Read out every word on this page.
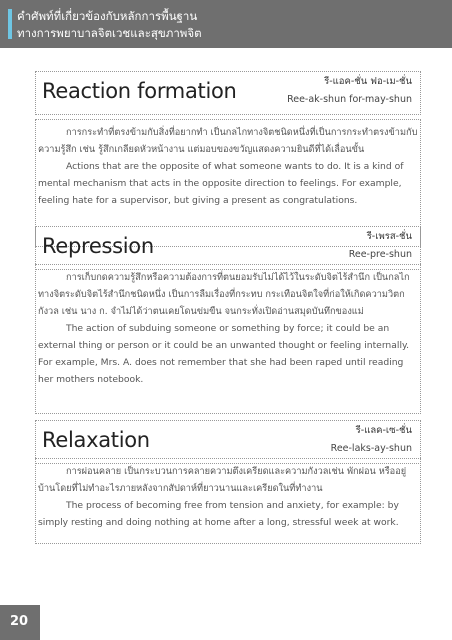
คำศัพท์ที่เกี่ยวข้องกับหลักการพื้นฐาน
ทางการพยาบาลจิตเวชและสุขภาพจิต
Reaction formation	รี-แอค-ชั่น ฟอ-เม-ชั่น
Ree-ak-shun for-may-shun

การกระทำที่ตรงข้ามกับสิ่งที่อยากทำ เป็นกลไกทางจิตชนิดหนึ่งที่เป็นการกระทำตรงข้ามกับความรู้สึก เช่น รู้สึกเกลียดหัวหน้างาน แต่มอบของขวัญแสดงความยินดีที่ได้เลื่อนขั้น

Actions that are the opposite of what someone wants to do. It is a kind of mental mechanism that acts in the opposite direction to feelings. For example, feeling hate for a supervisor, but giving a present as congratulations.

Repression	รี-เพรส-ชั่น
Ree-pre-shun

การเก็บกดความรู้สึกหรือความต้องการที่ตนยอมรับไม่ได้ไว้ในระดับจิตไร้สำนึก เป็นกลไกทางจิตระดับจิตไร้สำนึกชนิดหนึ่ง เป็นการลืมเรื่องที่กระทบ กระเทือนจิตใจที่ก่อให้เกิดความวิตกกังวล เช่น นาง ก. จำไม่ได้ว่าตนเคยโดนข่มขืน จนกระทั่งเปิดอ่านสมุดบันทึกของแม่

The action of subduing someone or something by force; it could be an external thing or person or it could be an unwanted thought or feeling internally. For example, Mrs. A. does not remember that she had been raped until reading her mothers notebook.

Relaxation	รี-แลค-เซ-ชั่น
Ree-laks-ay-shun

การผ่อนคลาย เป็นกระบวนการคลายความตึงเครียดและความกังวลเช่น พักผ่อน หรืออยู่บ้านโดยที่ไม่ทำอะไรภายหลังจากสัปดาห์ที่ยาวนานและเครียดในที่ทำงาน

The process of becoming free from tension and anxiety, for example: by simply resting and doing nothing at home after a long, stressful week at work.

20
